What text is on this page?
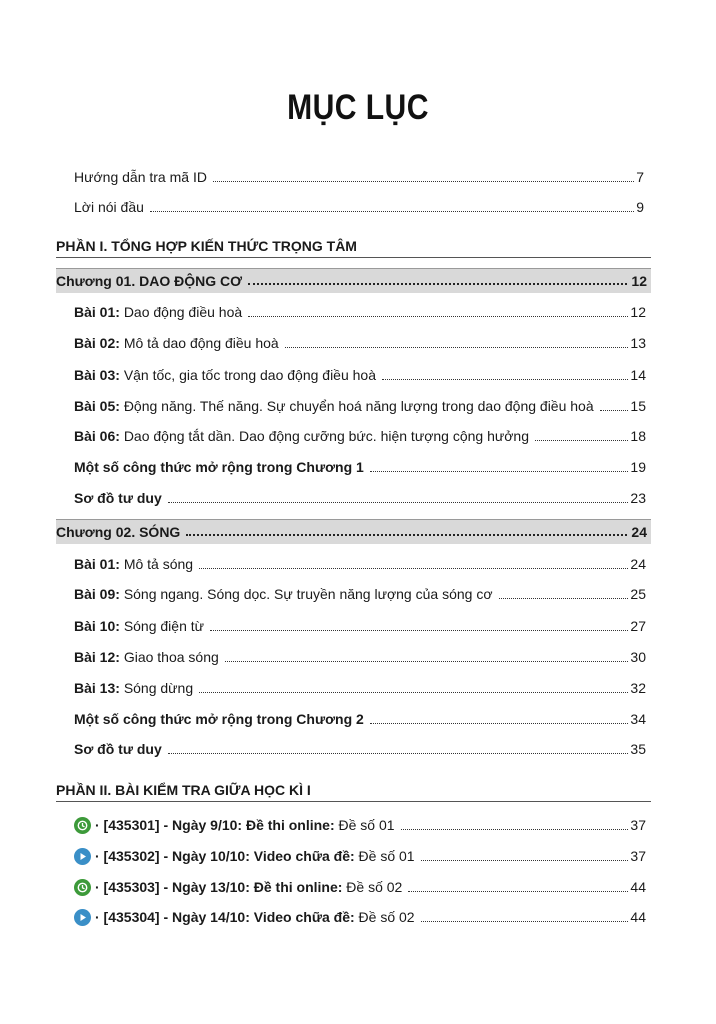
MỤC LỤC
Hướng dẫn tra mã ID	7
Lời nói đầu	9
PHẦN I. TỔNG HỢP KIẾN THỨC TRỌNG TÂM
Chương 01. DAO ĐỘNG CƠ	12
Bài 01: Dao động điều hoà	12
Bài 02: Mô tả dao động điều hoà	13
Bài 03: Vận tốc, gia tốc trong dao động điều hoà	14
Bài 05: Động năng. Thế năng. Sự chuyển hoá năng lượng trong dao động điều hoà	15
Bài 06: Dao động tắt dần. Dao động cưỡng bức. hiện tượng cộng hưởng	18
Một số công thức mở rộng trong Chương 1	19
Sơ đồ tư duy	23
Chương 02. SÓNG	24
Bài 01: Mô tả sóng	24
Bài 09: Sóng ngang. Sóng dọc. Sự truyền năng lượng của sóng cơ	25
Bài 10: Sóng điện từ	27
Bài 12: Giao thoa sóng	30
Bài 13: Sóng dừng	32
Một số công thức mở rộng trong Chương 2	34
Sơ đồ tư duy	35
PHẦN II. BÀI KIỂM TRA GIỮA HỌC KÌ I
· [435301] - Ngày 9/10: Đề thi online: Đề số 01	37
· [435302] - Ngày 10/10: Video chữa đề: Đề số 01	37
· [435303] - Ngày 13/10: Đề thi online: Đề số 02	44
· [435304] - Ngày 14/10: Video chữa đề: Đề số 02	44
